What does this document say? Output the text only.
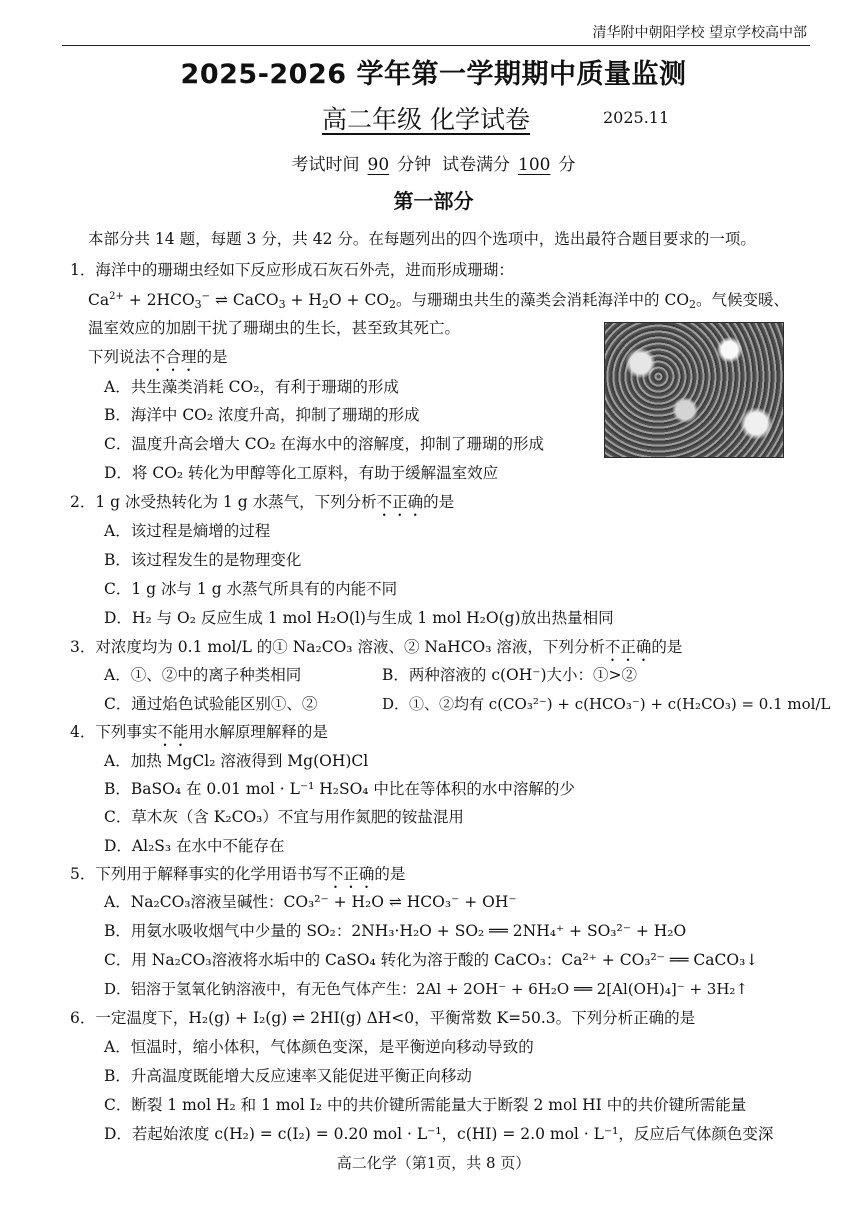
清华附中朝阳学校 望京学校高中部
2025-2026 学年第一学期期中质量监测
高二年级 化学试卷	2025.11
考试时间 90 分钟 试卷满分 100 分
第一部分
本部分共 14 题，每题 3 分，共 42 分。在每题列出的四个选项中，选出最符合题目要求的一项。
1．海洋中的珊瑚虫经如下反应形成石灰石外壳，进而形成珊瑚：
$Ca^{2+} + 2HCO_3^-$ ⇌ CaCO$_3$ + $H_2O + CO_2$。与珊瑚虫共生的藻类会消耗海洋中的 $CO_2$。气候变暖、
温室效应的加剧干扰了珊瑚虫的生长，甚至致其死亡。
下列说法不合理的是
A．共生藻类消耗 CO₂，有利于珊瑚的形成
B．海洋中 CO₂ 浓度升高，抑制了珊瑚的形成
C．温度升高会增大 CO₂ 在海水中的溶解度，抑制了珊瑚的形成
D．将 CO₂ 转化为甲醇等化工原料，有助于缓解温室效应
2．1 g 冰受热转化为 1 g 水蒸气，下列分析不正确的是
A．该过程是熵增的过程
B．该过程发生的是物理变化
C．1 g 冰与 1 g 水蒸气所具有的内能不同
D．H₂ 与 O₂ 反应生成 1 mol H₂O(l)与生成 1 mol H₂O(g)放出热量相同
3．对浓度均为 0.1 mol/L 的① Na₂CO₃ 溶液、② NaHCO₃ 溶液，下列分析不正确的是
A．①、②中的离子种类相同	B．两种溶液的 c(OH⁻)大小：①>②
C．通过焰色试验能区别①、②	D．①、②均有 c(CO₃²⁻) + c(HCO₃⁻) + c(H₂CO₃) = 0.1 mol/L
4．下列事实不能用水解原理解释的是
A．加热 MgCl₂ 溶液得到 Mg(OH)Cl
B．BaSO₄ 在 0.01 mol · L⁻¹ H₂SO₄ 中比在等体积的水中溶解的少
C．草木灰（含 K₂CO₃）不宜与用作氮肥的铵盐混用
D．Al₂S₃ 在水中不能存在
5．下列用于解释事实的化学用语书写不正确的是
A．Na₂CO₃溶液呈碱性：CO₃²⁻ + H₂O ⇌ HCO₃⁻ + OH⁻
B．用氨水吸收烟气中少量的 SO₂：2NH₃·H₂O + SO₂ ══ 2NH₄⁺ + SO₃²⁻ + H₂O
C．用 Na₂CO₃溶液将水垢中的 CaSO₄ 转化为溶于酸的 CaCO₃：Ca²⁺ + CO₃²⁻ ══ CaCO₃↓
D．铝溶于氢氧化钠溶液中，有无色气体产生：2Al + 2OH⁻ + 6H₂O ══ 2[Al(OH)₄]⁻ + 3H₂↑
6．一定温度下，H₂(g) + I₂(g) ⇌ 2HI(g) ΔH<0，平衡常数 K=50.3。下列分析正确的是
A．恒温时，缩小体积，气体颜色变深，是平衡逆向移动导致的
B．升高温度既能增大反应速率又能促进平衡正向移动
C．断裂 1 mol H₂ 和 1 mol I₂ 中的共价键所需能量大于断裂 2 mol HI 中的共价键所需能量
D．若起始浓度 c(H₂) = c(I₂) = 0.20 mol · L⁻¹，c(HI) = 2.0 mol · L⁻¹，反应后气体颜色变深
高二化学（第1页，共 8 页）
